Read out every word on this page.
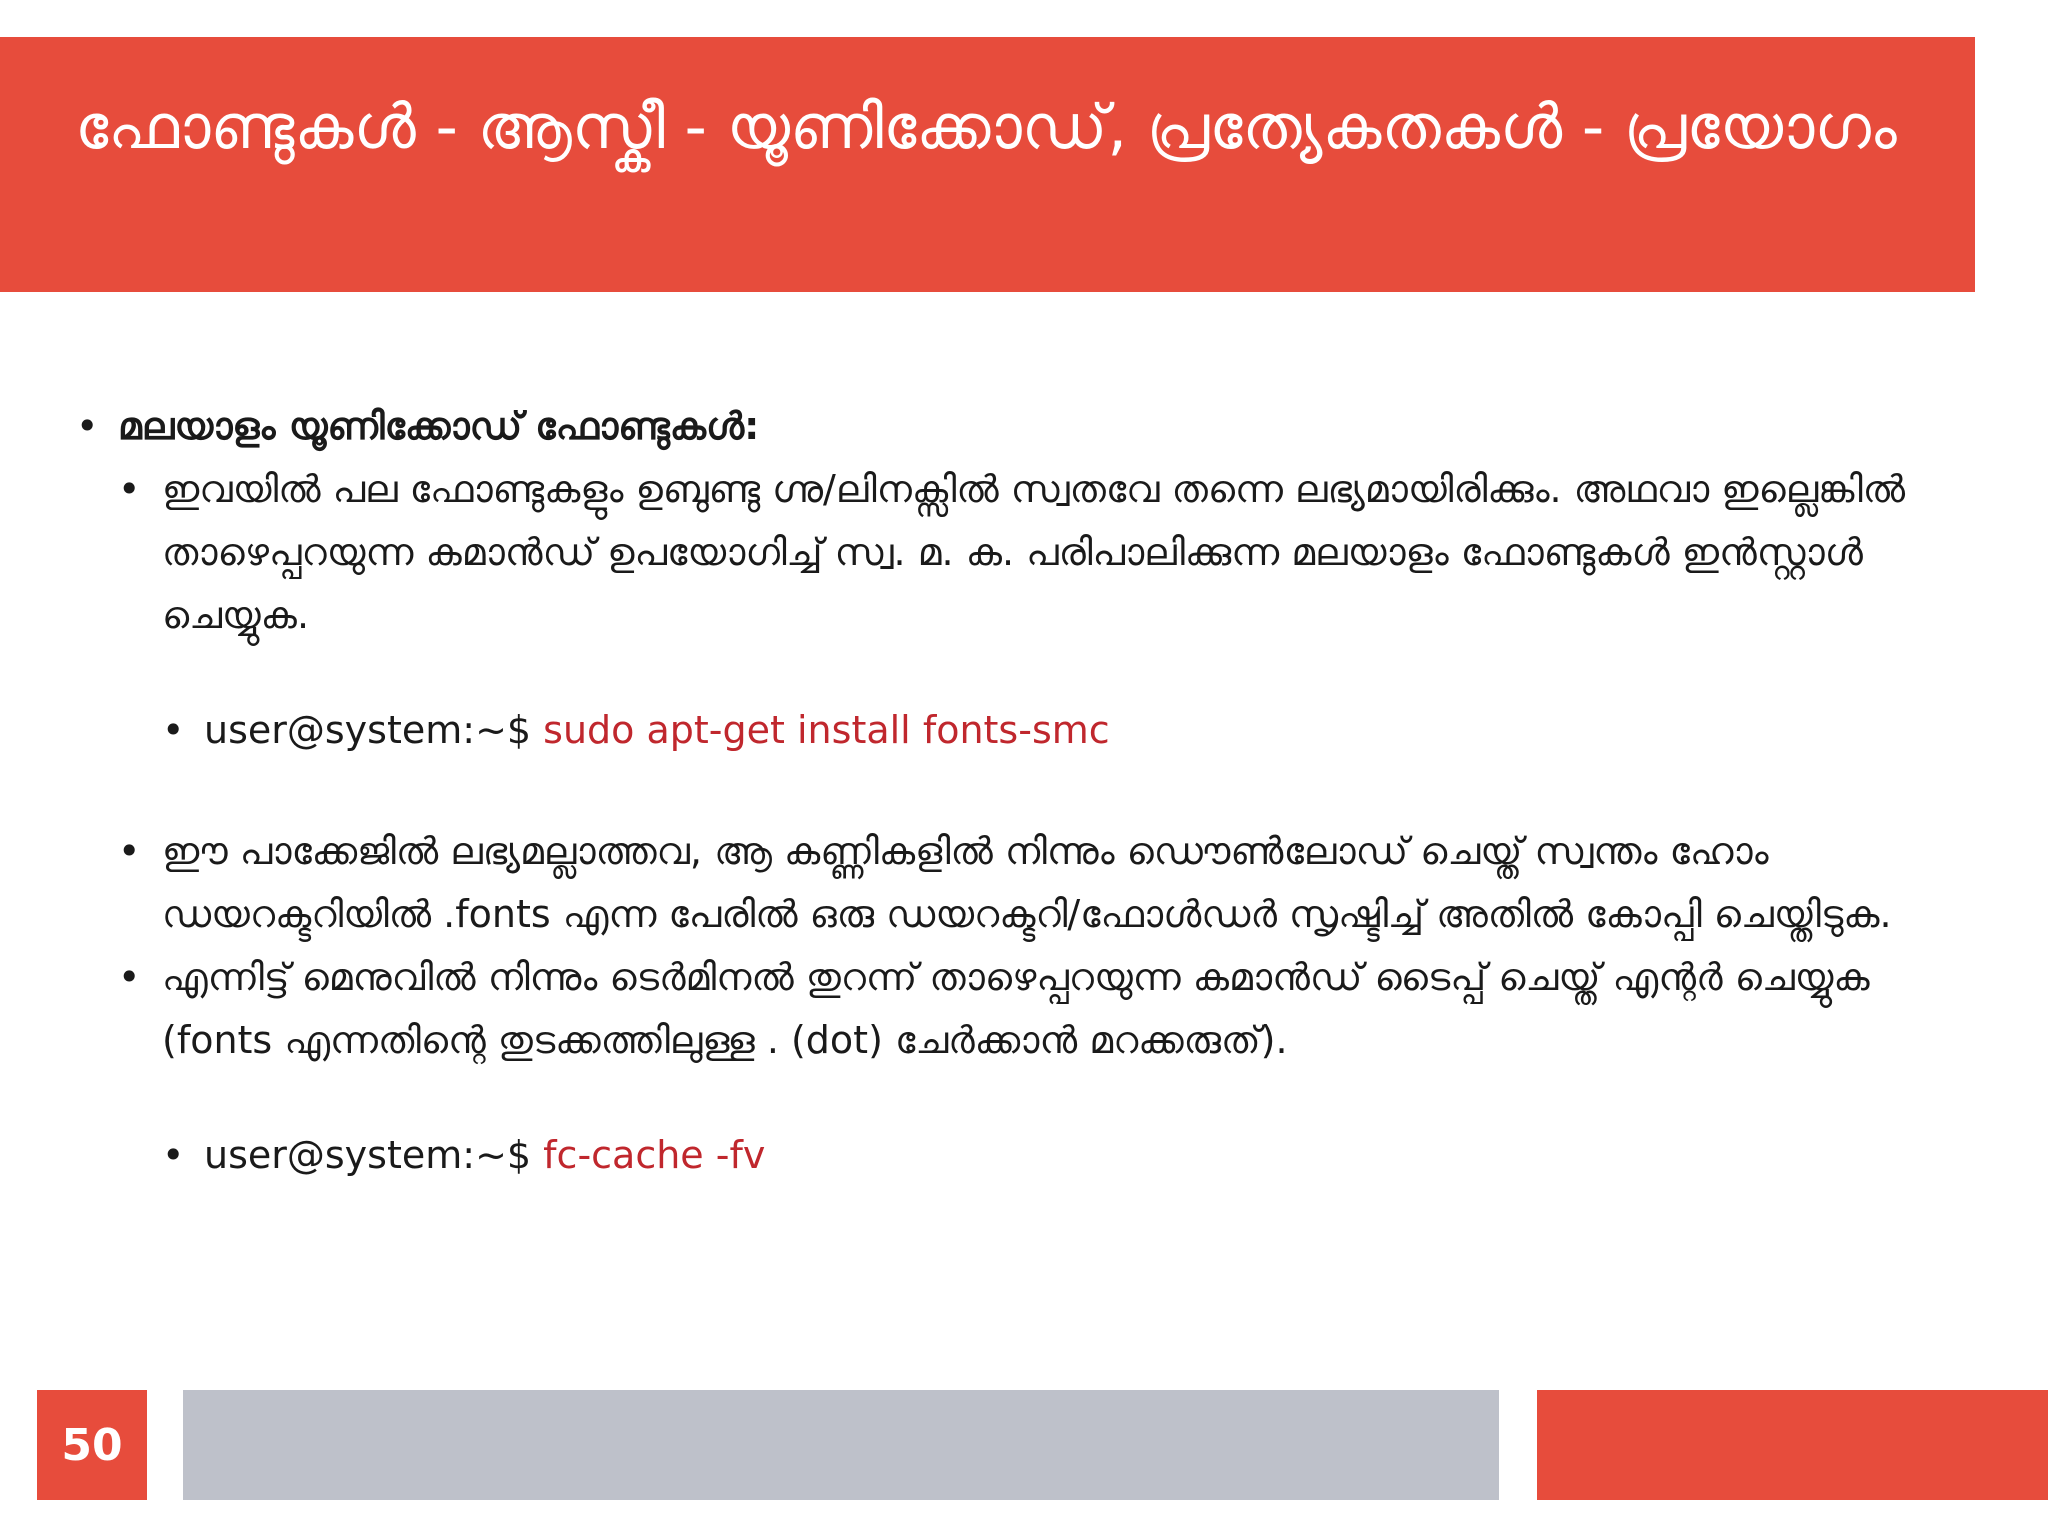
ഫോണ്ടുകൾ - ആസ്കീ - യൂണിക്കോഡ്, പ്രത്യേകതകൾ - പ്രയോഗം
• മലയാളം യൂണിക്കോഡ് ഫോണ്ടുകൾ:
• ഇവയിൽ പല ഫോണ്ടുകളും ഉബുണ്ടു ഗ്നു/ലിനക്സിൽ സ്വതവേ തന്നെ ലഭ്യമായിരിക്കും. അഥവാ ഇല്ലെങ്കിൽ താഴെപ്പറയുന്ന കമാൻഡ് ഉപയോഗിച്ച് സ്വ. മ. ക. പരിപാലിക്കുന്ന മലയാളം ഫോണ്ടുകൾ ഇൻസ്റ്റാൾ ചെയ്യുക.
• user@system:~$ sudo apt-get install fonts-smc
• ഈ പാക്കേജിൽ ലഭ്യമല്ലാത്തവ, ആ കണ്ണികളിൽ നിന്നും ഡൌൺലോഡ് ചെയ്ത് സ്വന്തം ഹോം ഡയറക്ടറിയിൽ .fonts എന്ന പേരിൽ ഒരു ഡയറക്ടറി/ഫോൾഡർ സൃഷ്ടിച്ച് അതിൽ കോപ്പി ചെയ്തിടുക.
• എന്നിട്ട് മെനുവിൽ നിന്നും ടെർമിനൽ തുറന്ന് താഴെപ്പറയുന്ന കമാൻഡ് ടൈപ്പ് ചെയ്ത് എന്റർ ചെയ്യുക (fonts എന്നതിന്റെ തുടക്കത്തിലുള്ള . (dot) ചേർക്കാൻ മറക്കരുത്).
• user@system:~$ fc-cache -fv
50
